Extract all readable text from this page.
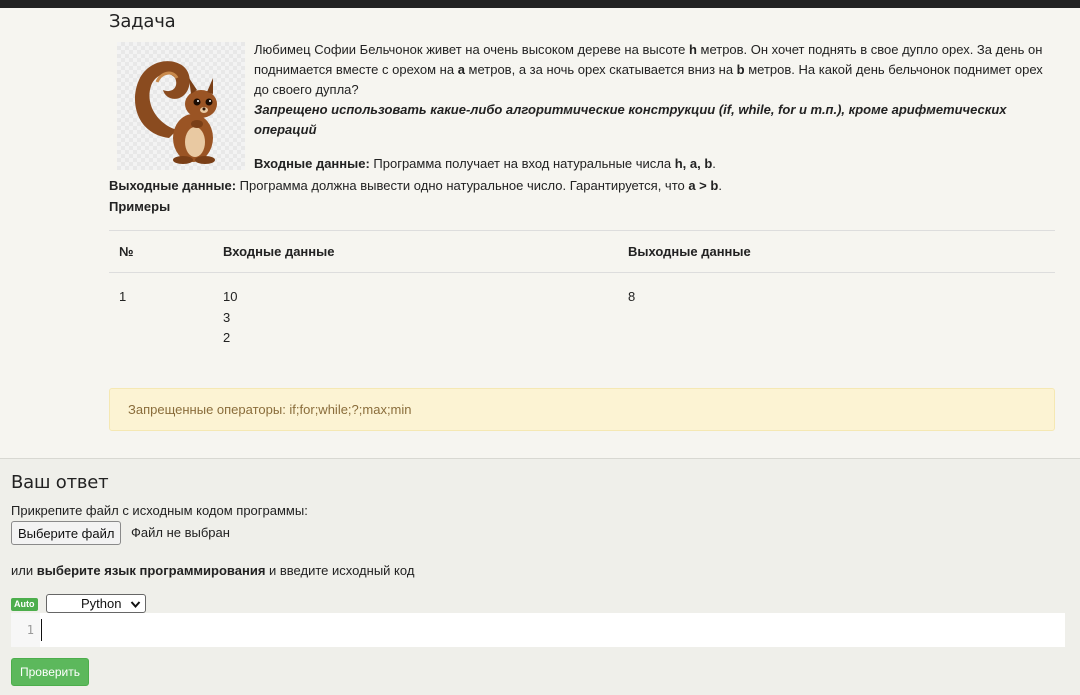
Задача
Любимец Софии Бельчонок живет на очень высоком дереве на высоте h метров. Он хочет поднять в свое дупло орех. За день он поднимается вместе с орехом на a метров, а за ночь орех скатывается вниз на b метров. На какой день бельчонок поднимет орех до своего дупла?
Запрещено использовать какие-либо алгоритмические конструкции (if, while, for и т.п.), кроме арифметических операций
Входные данные: Программа получает на вход натуральные числа h, a, b.
Выходные данные: Программа должна вывести одно натуральное число. Гарантируется, что a > b.
Примеры
№	Входные данные	Выходные данные
1	10
3
2	8
Запрещенные операторы: if;for;while;?;max;min
Ваш ответ
Прикрепите файл с исходным кодом программы:
Выберите файл	Файл не выбран
или выберите язык программирования и введите исходный код
Auto	Python
1
Проверить
